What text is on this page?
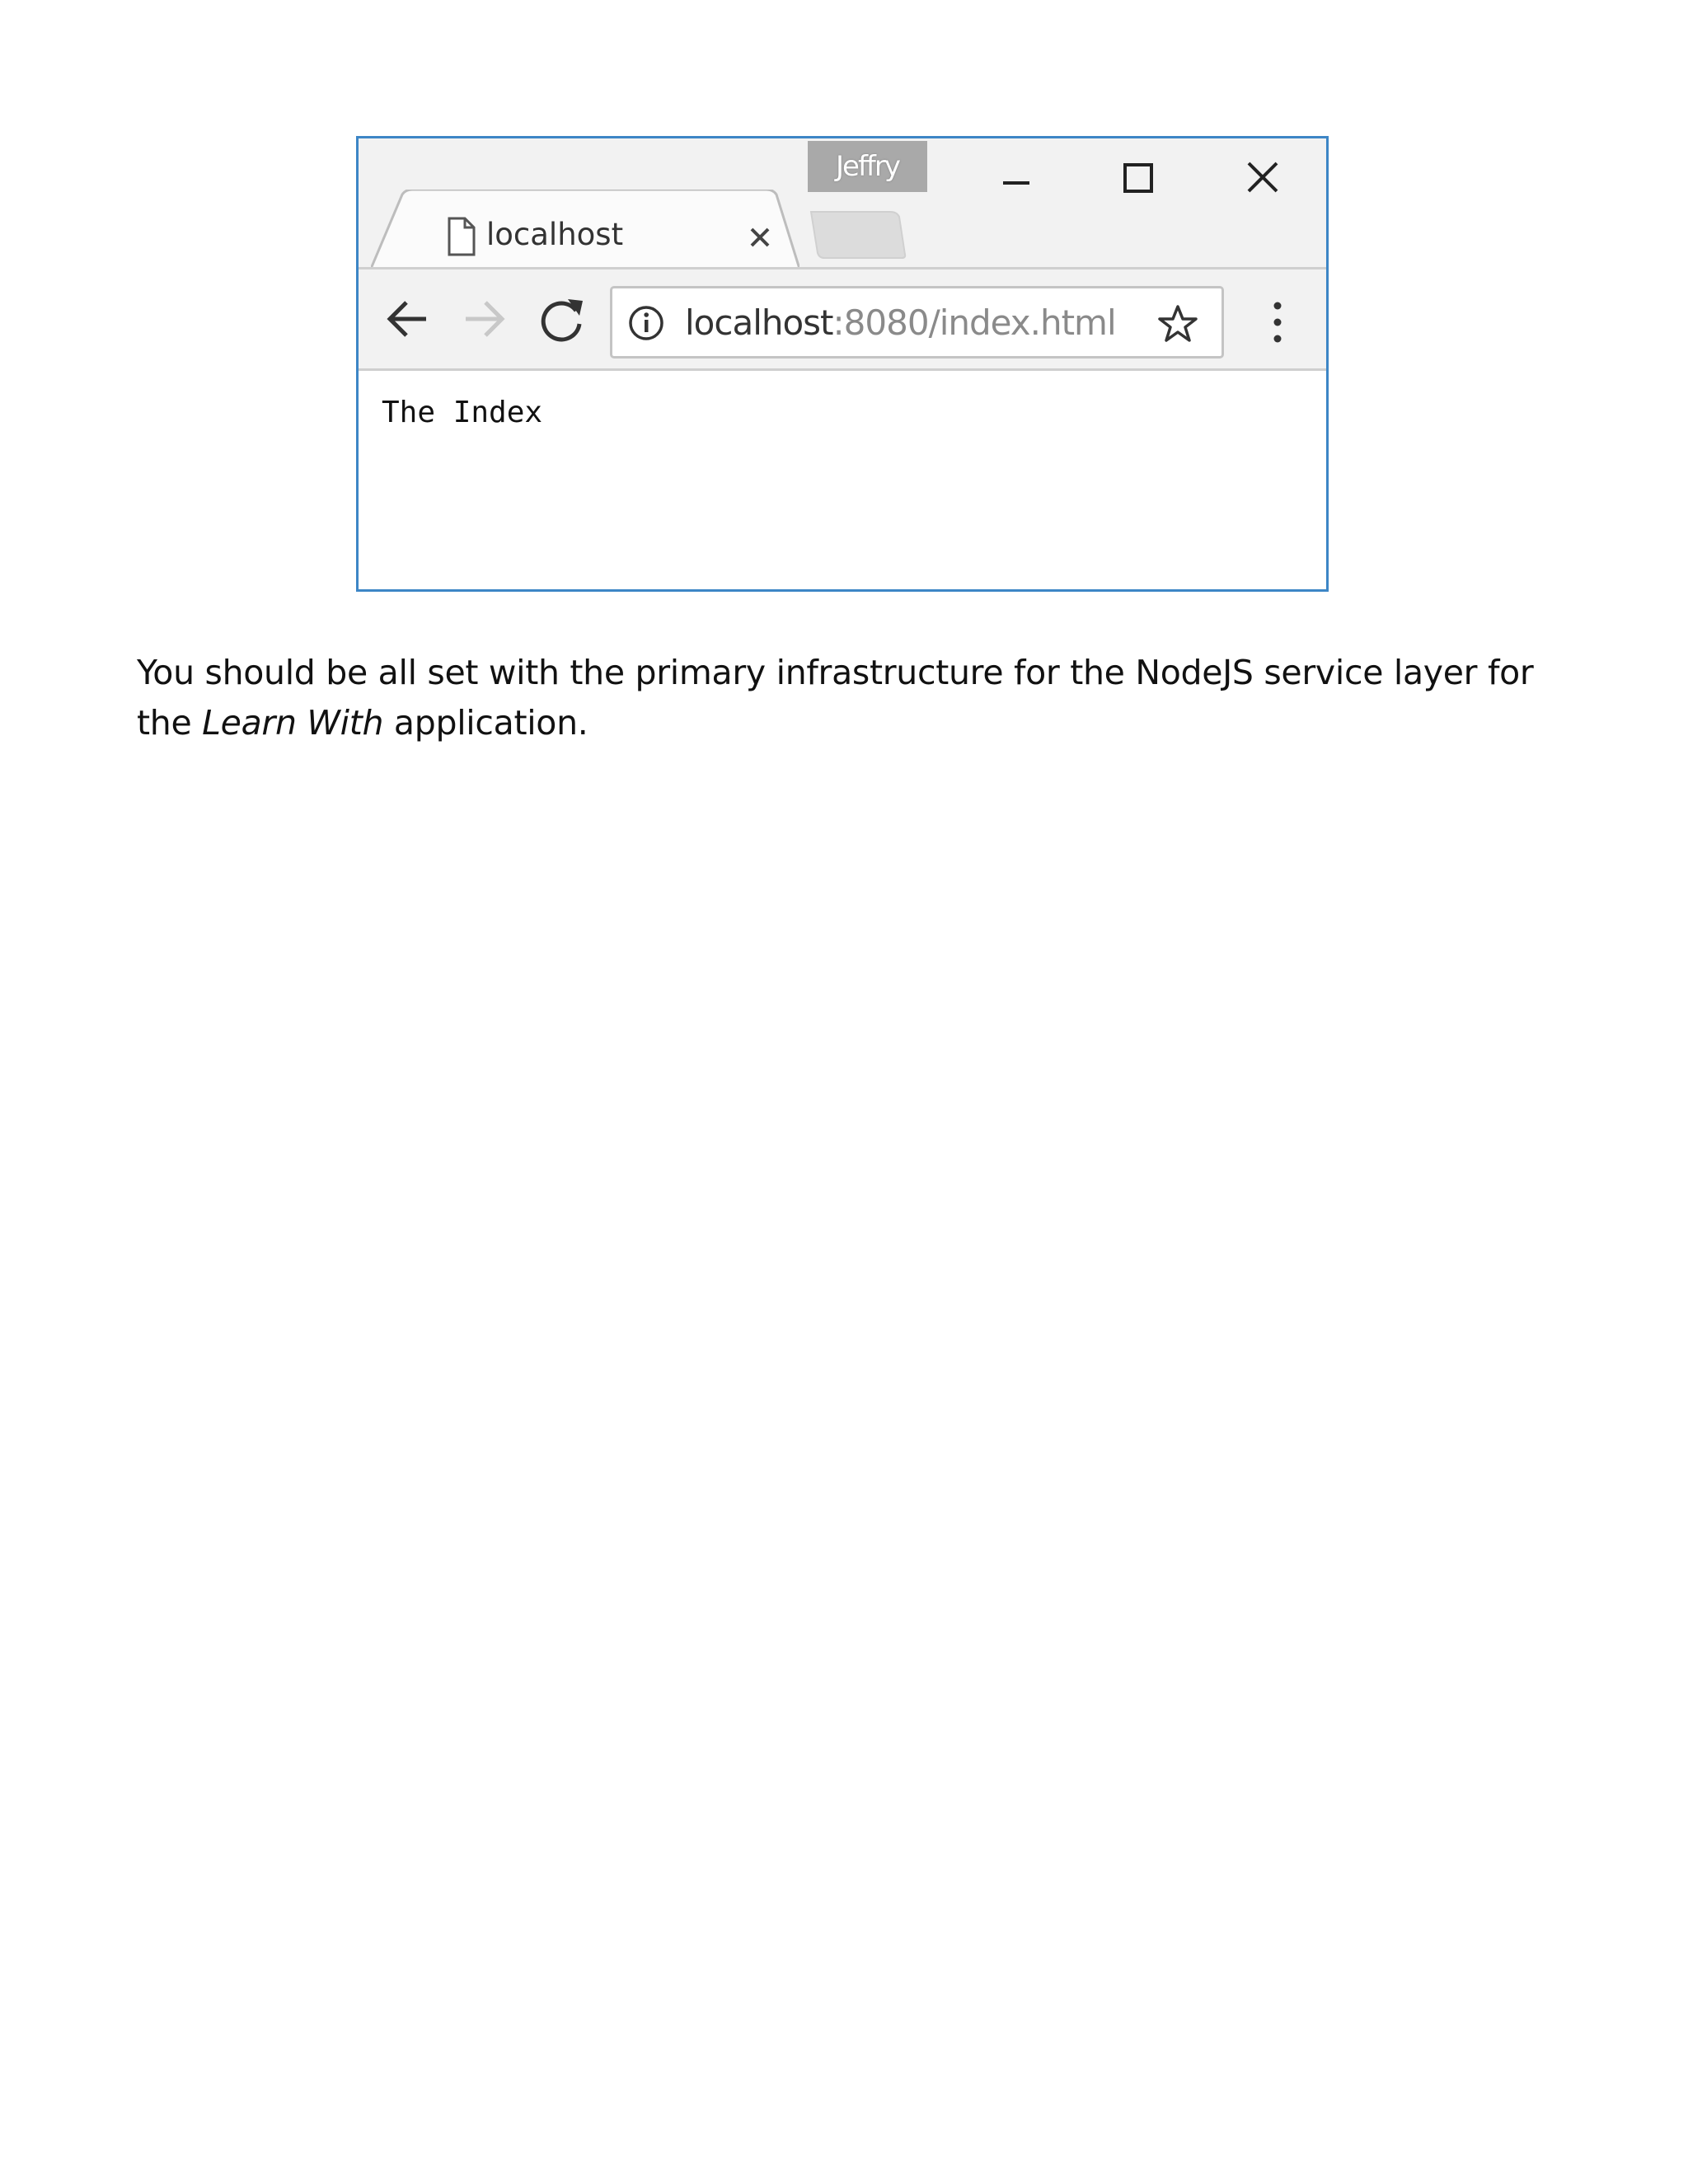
Jeffry
localhost
localhost:8080/index.html
The Index

You should be all set with the primary infrastructure for the NodeJS service layer for the Learn With application.
